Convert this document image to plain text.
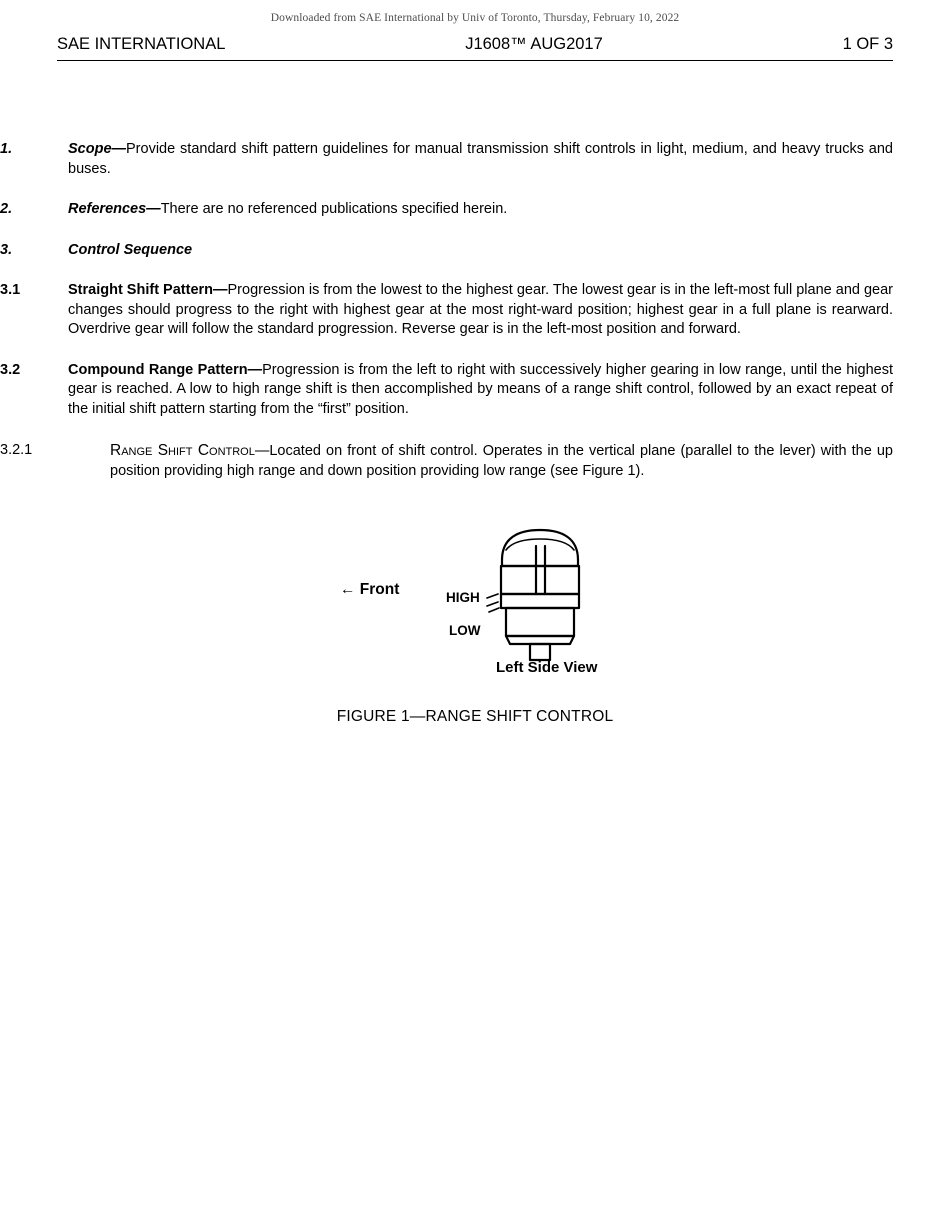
Downloaded from SAE International by Univ of Toronto, Thursday, February 10, 2022
SAE INTERNATIONAL	J1608™ AUG2017	1 OF 3

1.	Scope—Provide standard shift pattern guidelines for manual transmission shift controls in light, medium, and heavy trucks and buses.

2.	References—There are no referenced publications specified herein.

3.	Control Sequence

3.1	Straight Shift Pattern—Progression is from the lowest to the highest gear. The lowest gear is in the left-most full plane and gear changes should progress to the right with highest gear at the most right-ward position; highest gear in a full plane is rearward. Overdrive gear will follow the standard progression. Reverse gear is in the left-most position and forward.

3.2	Compound Range Pattern—Progression is from the left to right with successively higher gearing in low range, until the highest gear is reached. A low to high range shift is then accomplished by means of a range shift control, followed by an exact repeat of the initial shift pattern starting from the “first” position.

3.2.1	Range Shift Control—Located on front of shift control. Operates in the vertical plane (parallel to the lever) with the up position providing high range and down position providing low range (see Figure 1).

← Front	HIGH
LOW
Left Side View
FIGURE 1—RANGE SHIFT CONTROL
